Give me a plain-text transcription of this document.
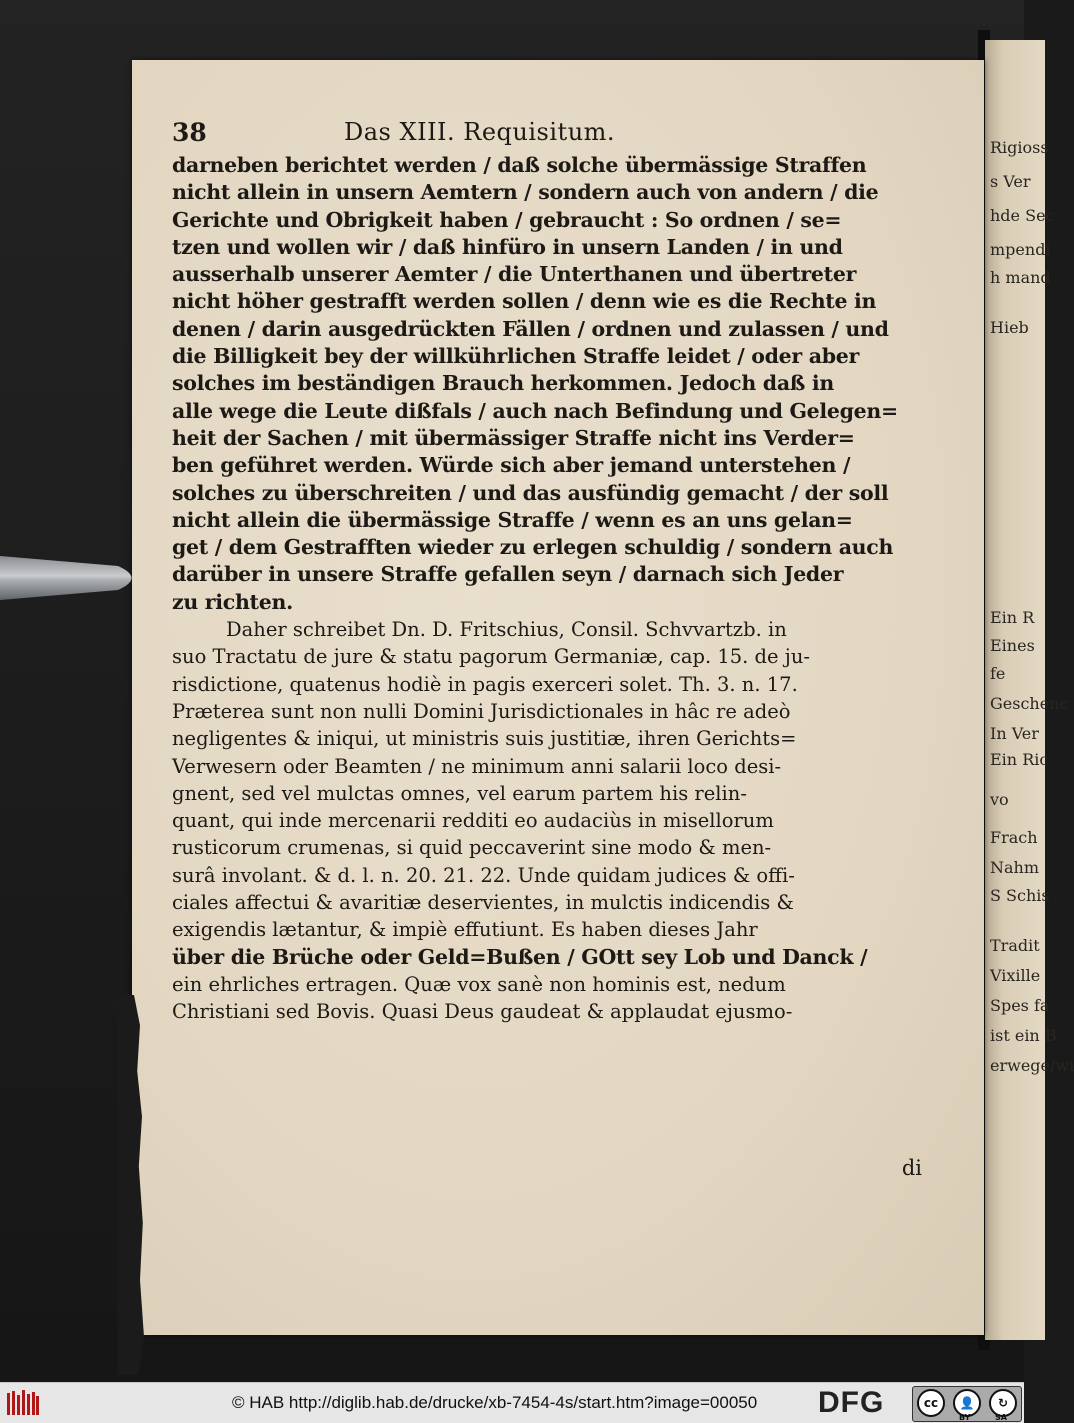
Rigioss
s Ver
hde Sec
mpendi
h mand
Hieb
Ein R
Eines
fe
Geschenc
In Ver
Ein Ric
vo
Frach
Nahm
S Schis
Tradit
Vixille
Spes fa
ist ein B
erwege/wi
38	Das XIII. Requisitum.
darneben berichtet werden / daß solche übermässige Straffen
nicht allein in unsern Aemtern / sondern auch von andern / die
Gerichte und Obrigkeit haben / gebraucht : So ordnen / se=
tzen und wollen wir / daß hinfüro in unsern Landen / in und
ausserhalb unserer Aemter / die Unterthanen und übertreter
nicht höher gestrafft werden sollen / denn wie es die Rechte in
denen / darin ausgedrückten Fällen / ordnen und zulassen / und
die Billigkeit bey der willkührlichen Straffe leidet / oder aber
solches im beständigen Brauch herkommen. Jedoch daß in
alle wege die Leute dißfals / auch nach Befindung und Gelegen=
heit der Sachen / mit übermässiger Straffe nicht ins Verder=
ben geführet werden. Würde sich aber jemand unterstehen /
solches zu überschreiten / und das ausfündig gemacht / der soll
nicht allein die übermässige Straffe / wenn es an uns gelan=
get / dem Gestrafften wieder zu erlegen schuldig / sondern auch
darüber in unsere Straffe gefallen seyn / darnach sich Jeder
zu richten.
Daher schreibet Dn. D. Fritschius, Consil. Schvvartzb. in
suo Tractatu de jure & statu pagorum Germaniæ, cap. 15. de ju-
risdictione, quatenus hodiè in pagis exerceri solet. Th. 3. n. 17.
Præterea sunt non nulli Domini Jurisdictionales in hâc re adeò
negligentes & iniqui, ut ministris suis justitiæ, ihren Gerichts=
Verwesern oder Beamten / ne minimum anni salarii loco desi-
gnent, sed vel mulctas omnes, vel earum partem his relin-
quant, qui inde mercenarii redditi eo audaciùs in misellorum
rusticorum crumenas, si quid peccaverint sine modo & men-
surâ involant. & d. l. n. 20. 21. 22. Unde quidam judices & offi-
ciales affectui & avaritiæ deservientes, in mulctis indicendis &
exigendis lætantur, & impiè effutiunt. Es haben dieses Jahr
über die Brüche oder Geld=Bußen / GOtt sey Lob und Danck /
ein ehrliches ertragen. Quæ vox sanè non hominis est, nedum
Christiani sed Bovis. Quasi Deus gaudeat & applaudat ejusmo-
di
© HAB http://diglib.hab.de/drucke/xb-7454-4s/start.htm?image=00050 DFG	cc	👤	↻
BY	SA
